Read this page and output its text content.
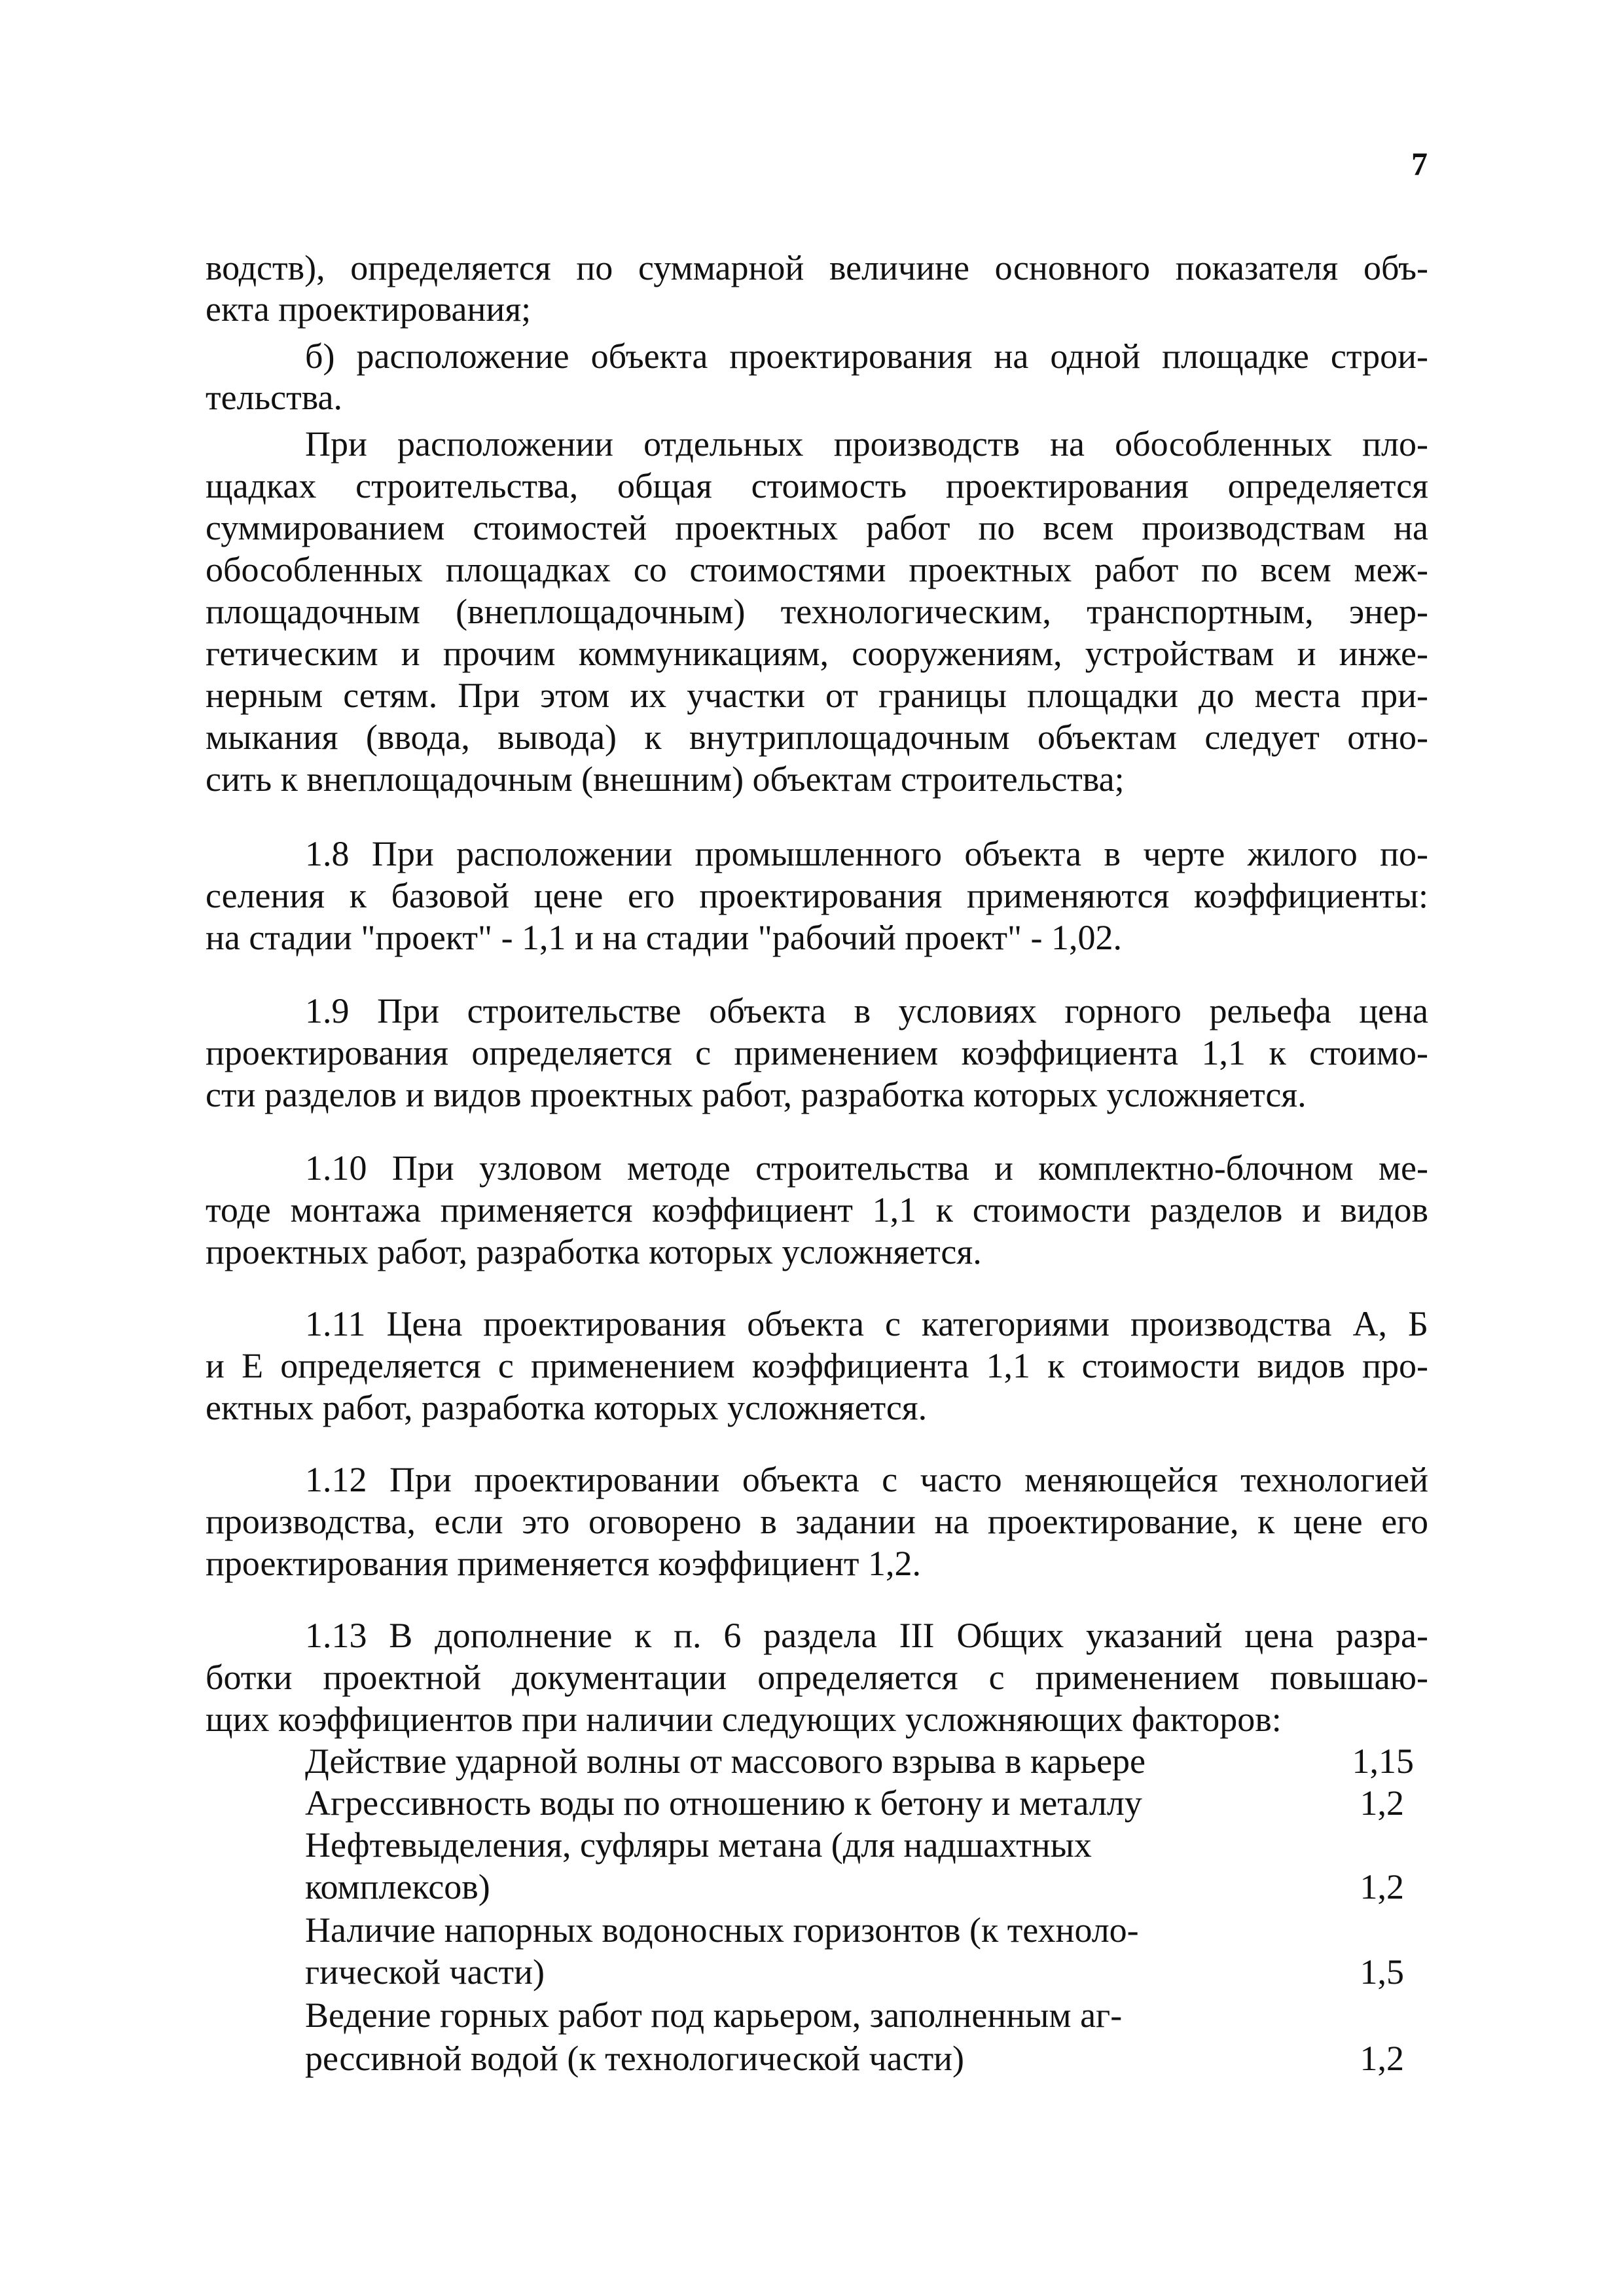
7
водств), определяется по суммарной величине основного показателя объ-
екта проектирования;
б) расположение объекта проектирования на одной площадке строи-
тельства.
При расположении отдельных производств на обособленных пло-
щадках строительства, общая стоимость проектирования определяется
суммированием стоимостей проектных работ по всем производствам на
обособленных площадках со стоимостями проектных работ по всем меж-
площадочным (внеплощадочным) технологическим, транспортным, энер-
гетическим и прочим коммуникациям, сооружениям, устройствам и инже-
нерным сетям. При этом их участки от границы площадки до места при-
мыкания (ввода, вывода) к внутриплощадочным объектам следует отно-
сить к внеплощадочным (внешним) объектам строительства;
1.8 При расположении промышленного объекта в черте жилого по-
селения к базовой цене его проектирования применяются коэффициенты:
на стадии "проект" - 1,1 и на стадии "рабочий проект" - 1,02.
1.9 При строительстве объекта в условиях горного рельефа цена
проектирования определяется с применением коэффициента 1,1 к стоимо-
сти разделов и видов проектных работ, разработка которых усложняется.
1.10 При узловом методе строительства и комплектно-блочном ме-
тоде монтажа применяется коэффициент 1,1 к стоимости разделов и видов
проектных работ, разработка которых усложняется.
1.11 Цена проектирования объекта с категориями производства А, Б
и Е определяется с применением коэффициента 1,1 к стоимости видов про-
ектных работ, разработка которых усложняется.
1.12 При проектировании объекта с часто меняющейся технологией
производства, если это оговорено в задании на проектирование, к цене его
проектирования применяется коэффициент 1,2.
1.13 В дополнение к п. 6 раздела III Общих указаний цена разра-
ботки проектной документации определяется с применением повышаю-
щих коэффициентов при наличии следующих усложняющих факторов:
Действие ударной волны от массового взрыва в карьере	1,15
Агрессивность воды по отношению к бетону и металлу	1,2
Нефтевыделения, суфляры метана (для надшахтных
комплексов)	1,2
Наличие напорных водоносных горизонтов (к техноло-
гической части)	1,5
Ведение горных работ под карьером, заполненным аг-
рессивной водой (к технологической части)	1,2
